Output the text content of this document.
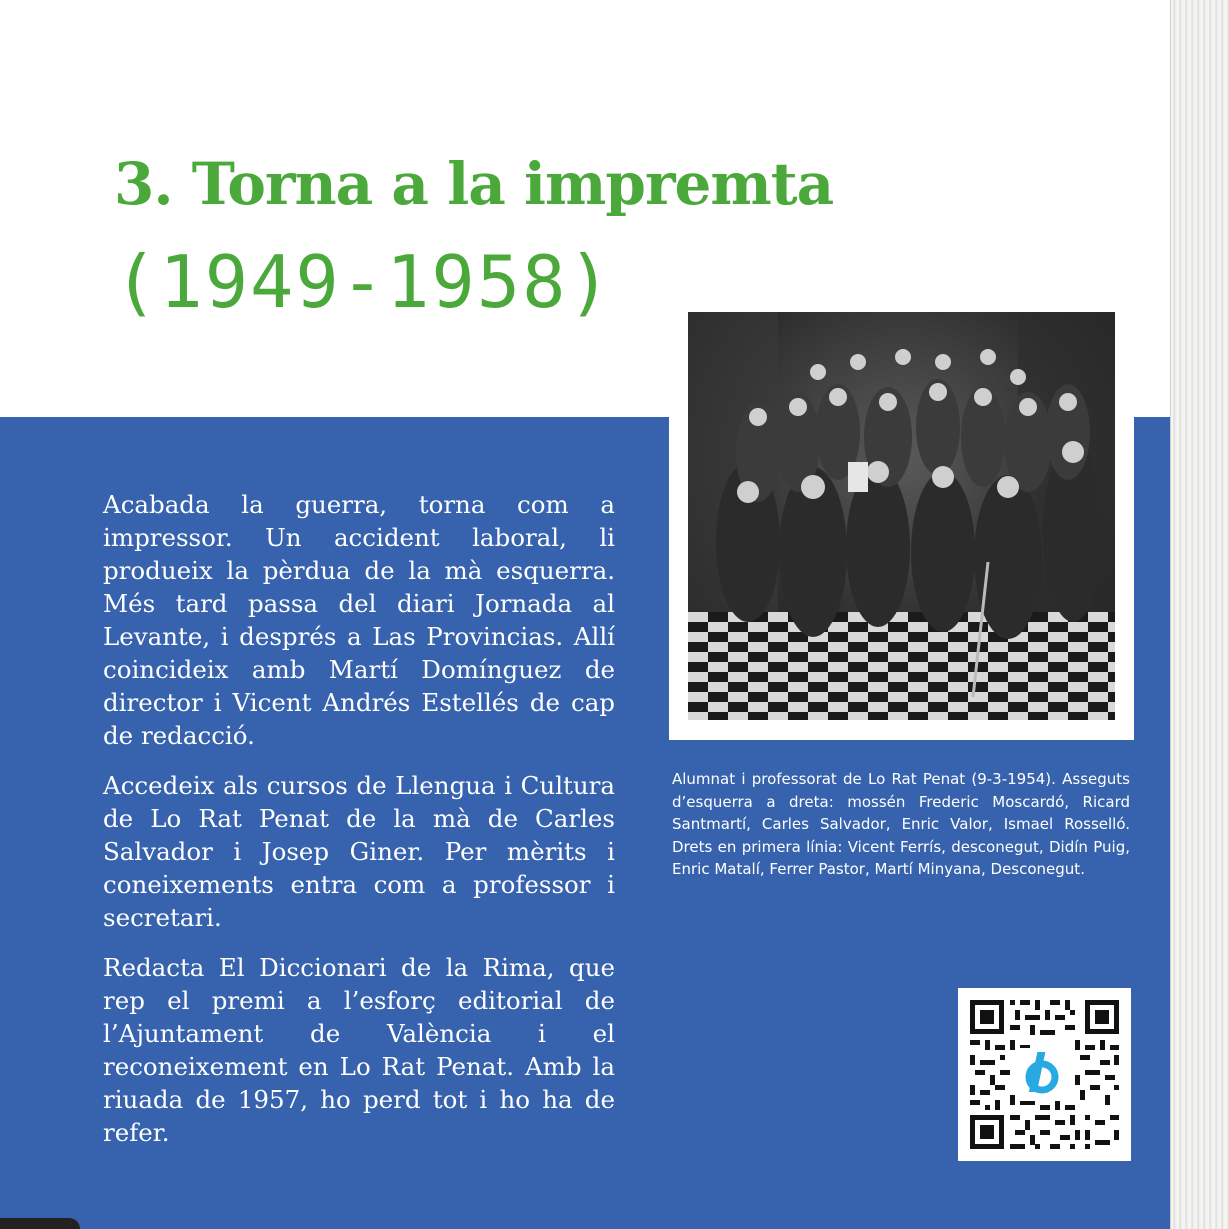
3. Torna a la impremta
(1949-1958)

Acabada la guerra, torna com a impressor. Un accident laboral, li produeix la pèrdua de la mà esquerra. Més tard passa del diari Jornada al Levante, i després a Las Provincias. Allí coincideix amb Martí Domínguez de director i Vicent Andrés Estellés de cap de redacció.

Accedeix als cursos de Llengua i Cultura de Lo Rat Penat de la mà de Carles Salvador i Josep Giner. Per mèrits i coneixements entra com a professor i secretari.

Redacta El Diccionari de la Rima, que rep el premi a l’esforç editorial de l’Ajuntament de València i el reconeixement en Lo Rat Penat. Amb la riuada de 1957, ho perd tot i ho ha de refer.

Alumnat i professorat de Lo Rat Penat (9-3-1954). Asseguts d’esquerra a dreta: mossén Frederic Moscardó, Ricard Santmartí, Carles Salvador, Enric Valor, Ismael Rosselló. Drets en primera línia: Vicent Ferrís, desconegut, Didín Puig, Enric Matalí, Ferrer Pastor, Martí Minyana, Desconegut.
